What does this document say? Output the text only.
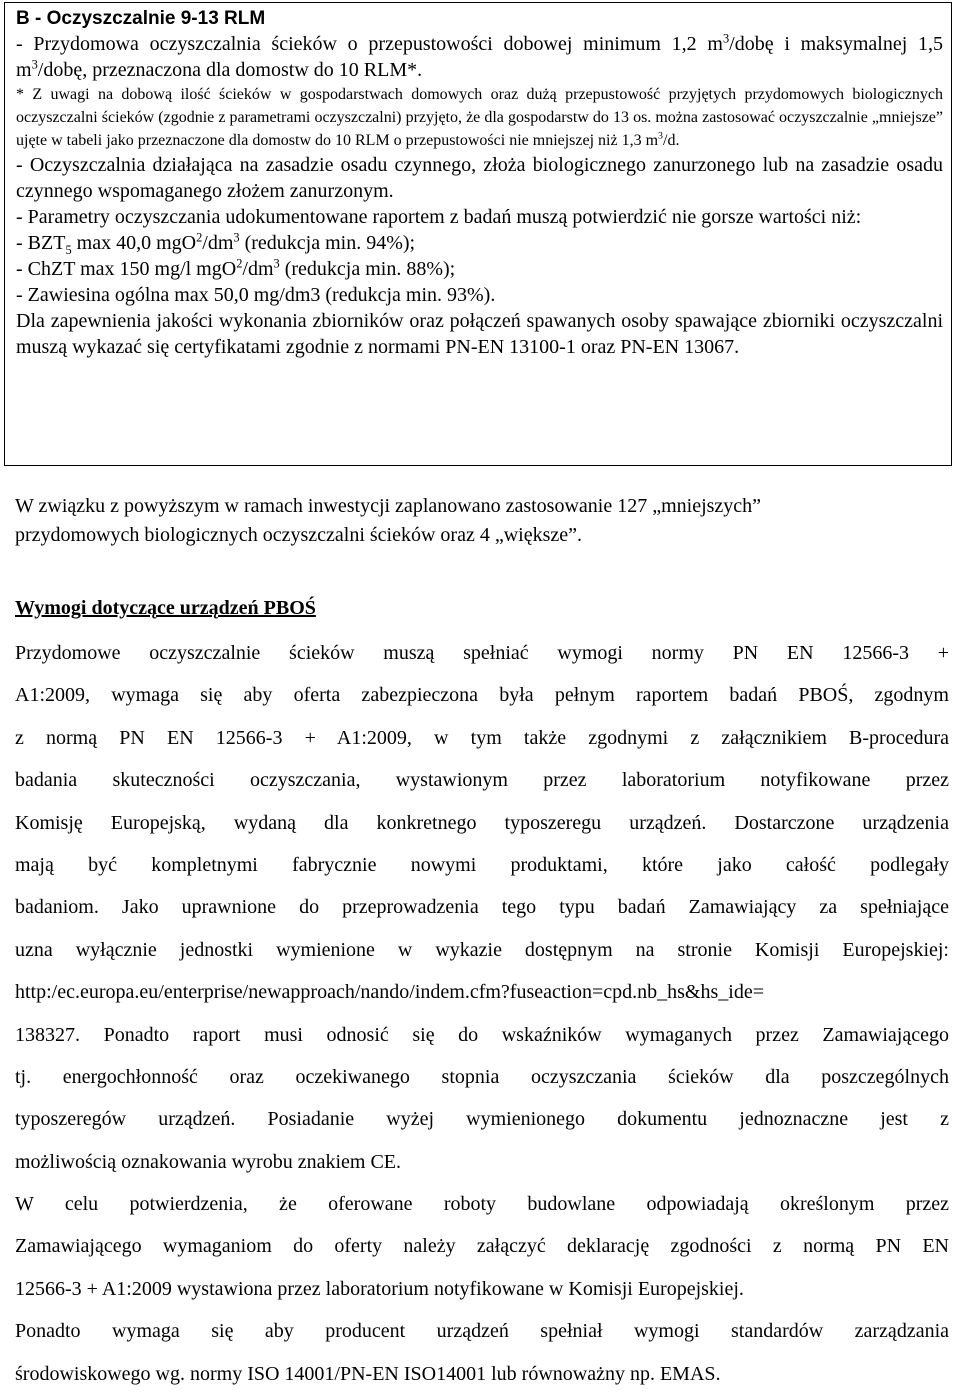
B - Oczyszczalnie 9-13 RLM

- Przydomowa oczyszczalnia ścieków o przepustowości dobowej minimum 1,2 $m^3$/dobę i maksymalnej 1,5 $m^3$/dobę, przeznaczona dla domostw do 10 RLM*.

* Z uwagi na dobową ilość ścieków w gospodarstwach domowych oraz dużą przepustowość przyjętych przydomowych biologicznych oczyszczalni ścieków (zgodnie z parametrami oczyszczalni) przyjęto, że dla gospodarstw do 13 os. można zastosować oczyszczalnie „mniejsze” ujęte w tabeli jako przeznaczone dla domostw do 10 RLM o przepustowości nie mniejszej niż 1,3 $m^3/d$.

- Oczyszczalnia działająca na zasadzie osadu czynnego, złoża biologicznego zanurzonego lub na zasadzie osadu czynnego wspomaganego złożem zanurzonym.

- Parametry oczyszczania udokumentowane raportem z badań muszą potwierdzić nie gorsze wartości niż:

- $BZT_5$ max 40,0 $mgO^2/dm^3$ (redukcja min. 94%);

- ChZT max 150 mg/l $mgO^2/dm^3$ (redukcja min. 88%);

- Zawiesina ogólna max 50,0 mg/dm3 (redukcja min. 93%).

Dla zapewnienia jakości wykonania zbiorników oraz połączeń spawanych osoby spawające zbiorniki oczyszczalni muszą wykazać się certyfikatami zgodnie z normami PN-EN 13100-1 oraz PN-EN 13067.

W związku z powyższym w ramach inwestycji zaplanowano zastosowanie 127 „mniejszych”
przydomowych biologicznych oczyszczalni ścieków oraz 4 „większe”.

Wymogi dotyczące urządzeń PBOŚ

Przydomowe oczyszczalnie ścieków muszą spełniać wymogi normy PN EN 12566-3 +
A1:2009, wymaga się aby oferta zabezpieczona była pełnym raportem badań PBOŚ, zgodnym
z normą PN EN 12566-3 + A1:2009, w tym także zgodnymi z załącznikiem B-procedura
badania skuteczności oczyszczania, wystawionym przez laboratorium notyfikowane przez
Komisję Europejską, wydaną dla konkretnego typoszeregu urządzeń. Dostarczone urządzenia
mają być kompletnymi fabrycznie nowymi produktami, które jako całość podlegały
badaniom. Jako uprawnione do przeprowadzenia tego typu badań Zamawiający za spełniające
uzna wyłącznie jednostki wymienione w wykazie dostępnym na stronie Komisji Europejskiej:
http:/ec.europa.eu/enterprise/newapproach/nando/indem.cfm?fuseaction=cpd.nb_hs&hs_ide=
138327. Ponadto raport musi odnosić się do wskaźników wymaganych przez Zamawiającego
tj. energochłonność oraz oczekiwanego stopnia oczyszczania ścieków dla poszczególnych
typoszeregów urządzeń. Posiadanie wyżej wymienionego dokumentu jednoznaczne jest z
możliwością oznakowania wyrobu znakiem CE.
W celu potwierdzenia, że oferowane roboty budowlane odpowiadają określonym przez
Zamawiającego wymaganiom do oferty należy załączyć deklarację zgodności z normą PN EN
12566-3 + A1:2009 wystawiona przez laboratorium notyfikowane w Komisji Europejskiej.
Ponadto wymaga się aby producent urządzeń spełniał wymogi standardów zarządzania
środowiskowego wg. normy ISO 14001/PN-EN ISO14001 lub równoważny np. EMAS.
